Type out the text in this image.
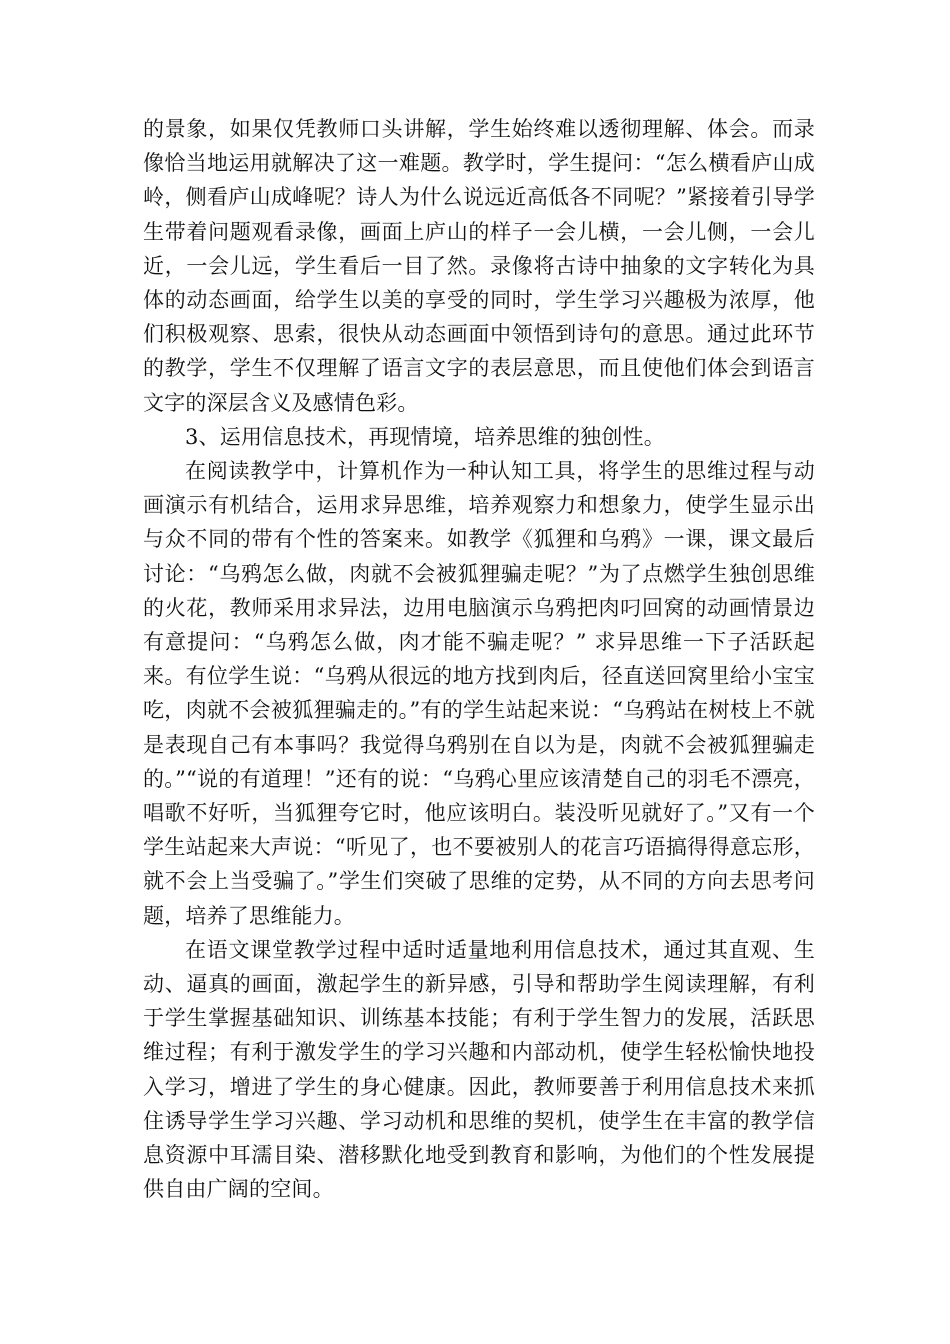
的景象，如果仅凭教师口头讲解，学生始终难以透彻理解、体会。而录像恰当地运用就解决了这一难题。教学时，学生提问：“怎么横看庐山成岭，侧看庐山成峰呢？诗人为什么说远近高低各不同呢？”紧接着引导学生带着问题观看录像，画面上庐山的样子一会儿横，一会儿侧，一会儿近，一会儿远，学生看后一目了然。录像将古诗中抽象的文字转化为具体的动态画面，给学生以美的享受的同时，学生学习兴趣极为浓厚，他们积极观察、思索，很快从动态画面中领悟到诗句的意思。通过此环节的教学，学生不仅理解了语言文字的表层意思，而且使他们体会到语言文字的深层含义及感情色彩。

3、运用信息技术，再现情境，培养思维的独创性。

在阅读教学中，计算机作为一种认知工具，将学生的思维过程与动画演示有机结合，运用求异思维，培养观察力和想象力，使学生显示出与众不同的带有个性的答案来。如教学《狐狸和乌鸦》一课，课文最后讨论：“乌鸦怎么做，肉就不会被狐狸骗走呢？”为了点燃学生独创思维的火花，教师采用求异法，边用电脑演示乌鸦把肉叼回窝的动画情景边有意提问：“乌鸦怎么做，肉才能不骗走呢？” 求异思维一下子活跃起来。有位学生说：“乌鸦从很远的地方找到肉后，径直送回窝里给小宝宝吃，肉就不会被狐狸骗走的。”有的学生站起来说：“乌鸦站在树枝上不就是表现自己有本事吗？我觉得乌鸦别在自以为是，肉就不会被狐狸骗走的。”“说的有道理！”还有的说：“乌鸦心里应该清楚自己的羽毛不漂亮，唱歌不好听，当狐狸夸它时，他应该明白。装没听见就好了。”又有一个学生站起来大声说：“听见了，也不要被别人的花言巧语搞得得意忘形，就不会上当受骗了。”学生们突破了思维的定势，从不同的方向去思考问题，培养了思维能力。

在语文课堂教学过程中适时适量地利用信息技术，通过其直观、生动、逼真的画面，激起学生的新异感，引导和帮助学生阅读理解，有利于学生掌握基础知识、训练基本技能；有利于学生智力的发展，活跃思维过程；有利于激发学生的学习兴趣和内部动机，使学生轻松愉快地投入学习，增进了学生的身心健康。因此，教师要善于利用信息技术来抓住诱导学生学习兴趣、学习动机和思维的契机，使学生在丰富的教学信息资源中耳濡目染、潜移默化地受到教育和影响，为他们的个性发展提供自由广阔的空间。
